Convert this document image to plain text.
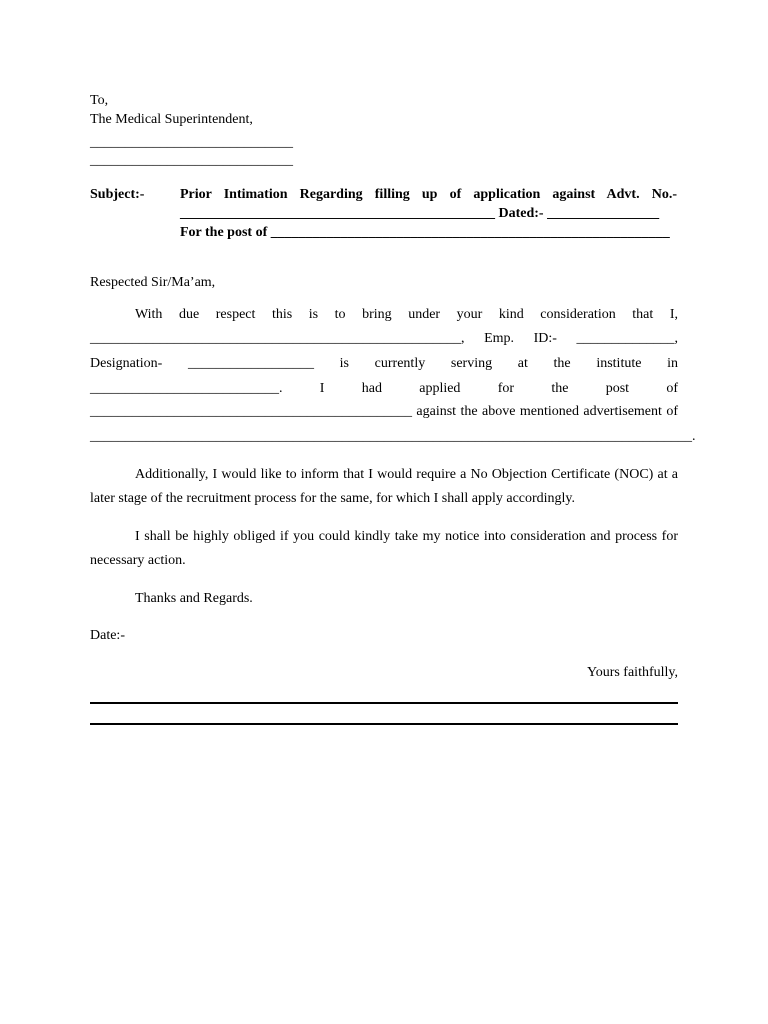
To,
The Medical Superintendent,
_____________________________
_____________________________
Subject:-	Prior Intimation Regarding filling up of application against Advt. No.-
_____________________________________________ Dated:- ________________
For the post of _________________________________________________________
Respected Sir/Ma’am,
With due respect this is to bring under your kind consideration that I,
_____________________________________________________, Emp. ID:- ______________,
Designation- __________________ is currently serving at the institute in
___________________________. I had applied for the post of
______________________________________________ against the above mentioned advertisement of
______________________________________________________________________________________.
Additionally, I would like to inform that I would require a No Objection Certificate (NOC) at a
later stage of the recruitment process for the same, for which I shall apply accordingly.
I shall be highly obliged if you could kindly take my notice into consideration and process for
necessary action.
Thanks and Regards.
Date:-
Yours faithfully,
